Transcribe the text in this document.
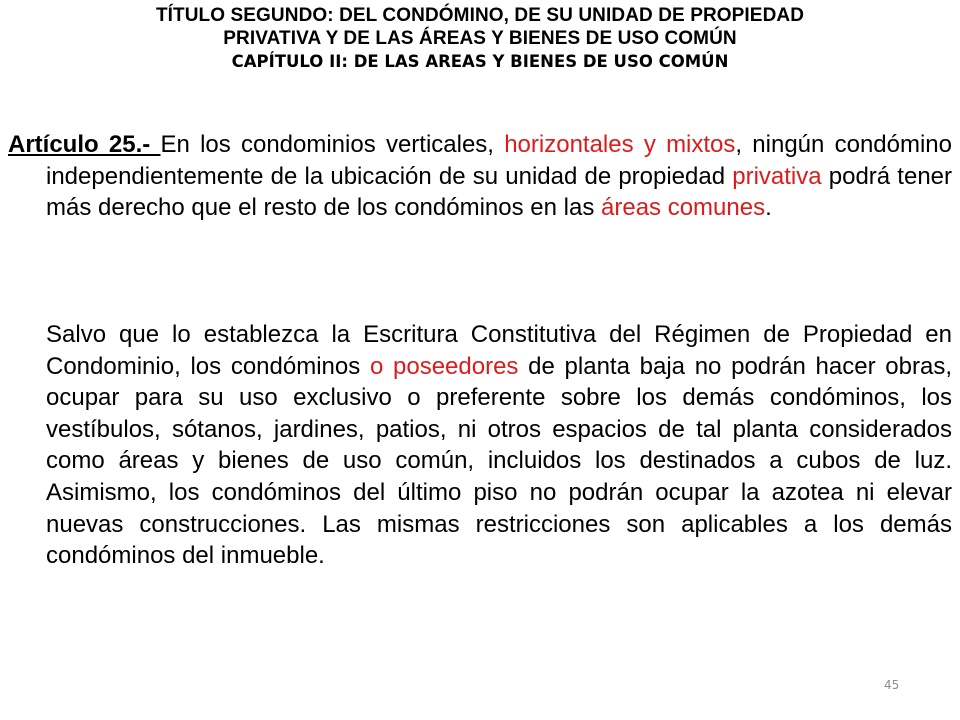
TÍTULO SEGUNDO: DEL CONDÓMINO, DE SU UNIDAD DE PROPIEDAD
PRIVATIVA Y DE LAS ÁREAS Y BIENES DE USO COMÚN
CAPÍTULO II: DE LAS AREAS Y BIENES DE USO COMÚN

Artículo 25.- En los condominios verticales, horizontales y mixtos, ningún condómino independientemente de la ubicación de su unidad de propiedad privativa podrá tener más derecho que el resto de los condóminos en las áreas comunes.

Salvo que lo establezca la Escritura Constitutiva del Régimen de Propiedad en Condominio, los condóminos o poseedores de planta baja no podrán hacer obras, ocupar para su uso exclusivo o preferente sobre los demás condóminos, los vestíbulos, sótanos, jardines, patios, ni otros espacios de tal planta considerados como áreas y bienes de uso común, incluidos los destinados a cubos de luz. Asimismo, los condóminos del último piso no podrán ocupar la azotea ni elevar nuevas construcciones. Las mismas restricciones son aplicables a los demás condóminos del inmueble.

45
